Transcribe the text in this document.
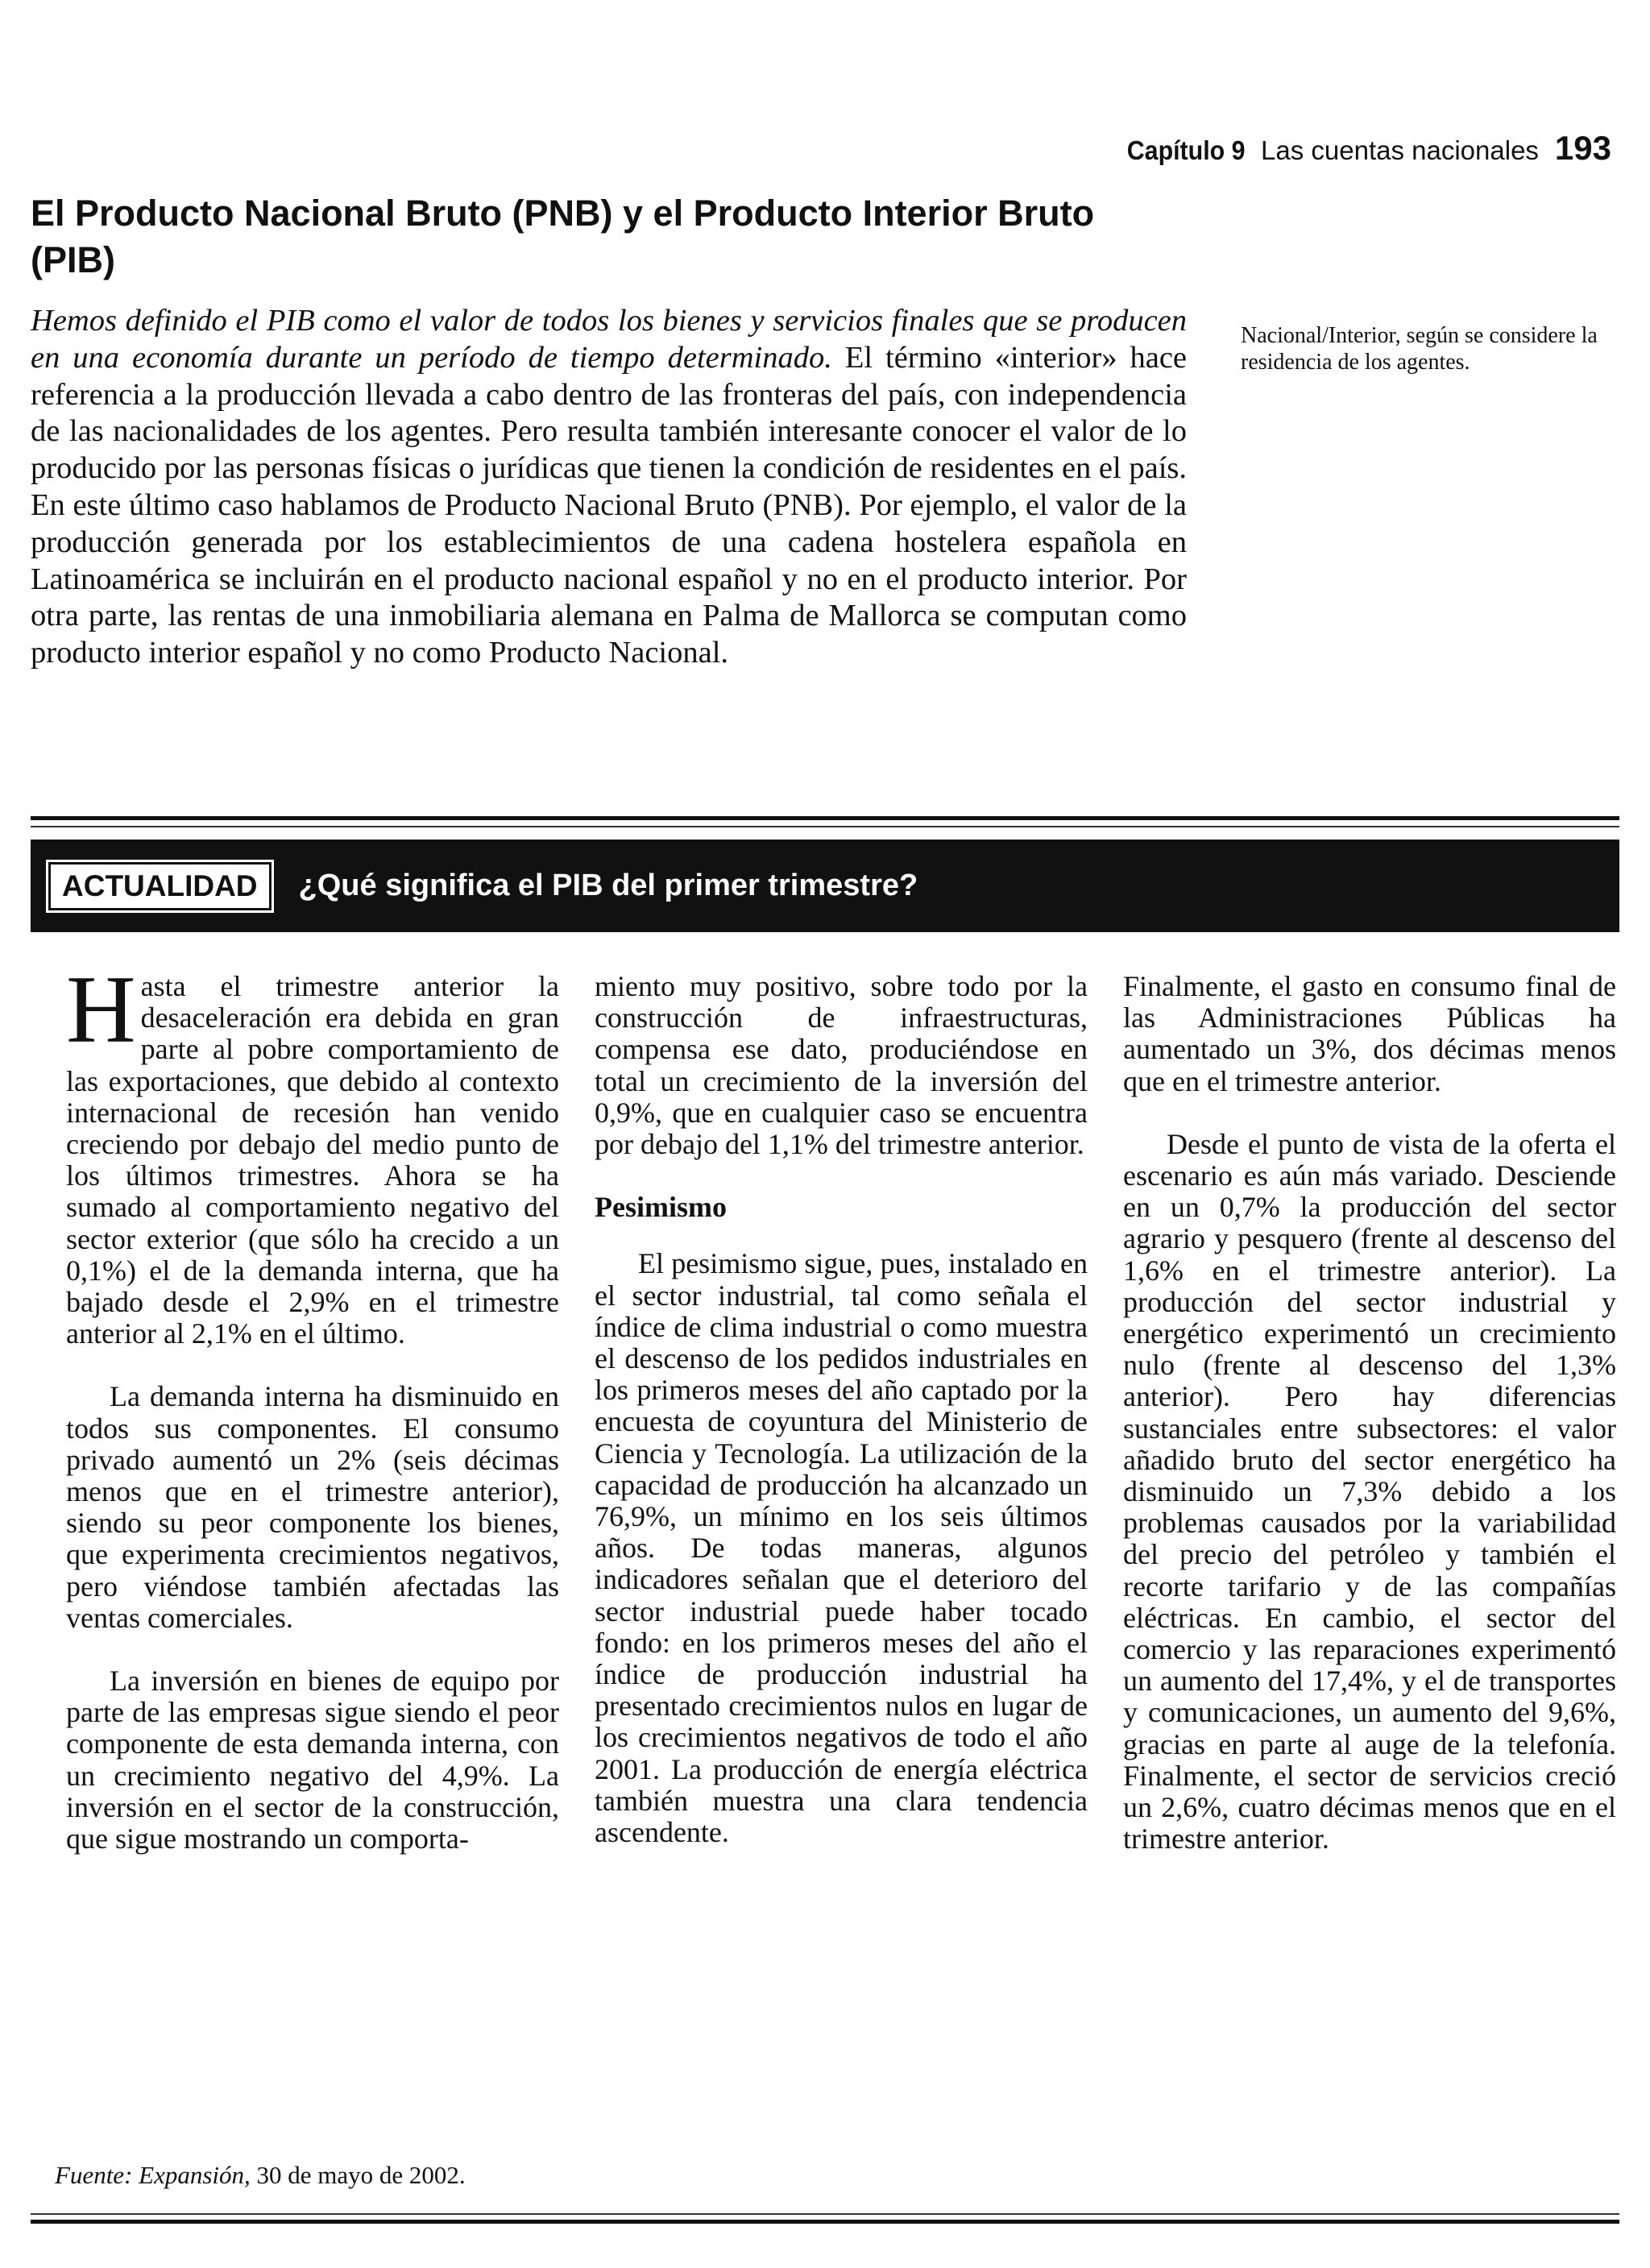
Capítulo 9 Las cuentas nacionales 193
El Producto Nacional Bruto (PNB) y el Producto Interior Bruto (PIB)

Hemos definido el PIB como el valor de todos los bienes y servicios finales que se producen en una economía durante un período de tiempo determinado. El término «interior» hace referencia a la producción llevada a cabo dentro de las fronteras del país, con independencia de las nacionalidades de los agentes. Pero resulta también interesante conocer el valor de lo producido por las personas físicas o jurídicas que tienen la condición de residentes en el país. En este último caso hablamos de Producto Nacional Bruto (PNB). Por ejemplo, el valor de la producción generada por los establecimientos de una cadena hostelera española en Latinoamérica se incluirán en el producto nacional español y no en el producto interior. Por otra parte, las rentas de una inmobiliaria alemana en Palma de Mallorca se computan como producto interior español y no como Producto Nacional.

Nacional/Interior, según se considere la residencia de los agentes.
ACTUALIDAD	¿Qué significa el PIB del primer trimestre?

Hasta el trimestre anterior la desaceleración era debida en gran parte al pobre comportamiento de las exportaciones, que debido al contexto internacional de recesión han venido creciendo por debajo del medio punto de los últimos trimestres. Ahora se ha sumado al comportamiento negativo del sector exterior (que sólo ha crecido a un 0,1%) el de la demanda interna, que ha bajado desde el 2,9% en el trimestre anterior al 2,1% en el último.

La demanda interna ha disminuido en todos sus componentes. El consumo privado aumentó un 2% (seis décimas menos que en el trimestre anterior), siendo su peor componente los bienes, que experimenta crecimientos negativos, pero viéndose también afectadas las ventas comerciales.

La inversión en bienes de equipo por parte de las empresas sigue siendo el peor componente de esta demanda interna, con un crecimiento negativo del 4,9%. La inversión en el sector de la construcción, que sigue mostrando un comporta-

miento muy positivo, sobre todo por la construcción de infraestructuras, compensa ese dato, produciéndose en total un crecimiento de la inversión del 0,9%, que en cualquier caso se encuentra por debajo del 1,1% del trimestre anterior.

Pesimismo

El pesimismo sigue, pues, instalado en el sector industrial, tal como señala el índice de clima industrial o como muestra el descenso de los pedidos industriales en los primeros meses del año captado por la encuesta de coyuntura del Ministerio de Ciencia y Tecnología. La utilización de la capacidad de producción ha alcanzado un 76,9%, un mínimo en los seis últimos años. De todas maneras, algunos indicadores señalan que el deterioro del sector industrial puede haber tocado fondo: en los primeros meses del año el índice de producción industrial ha presentado crecimientos nulos en lugar de los crecimientos negativos de todo el año 2001. La producción de energía eléctrica también muestra una clara tendencia ascendente.

Finalmente, el gasto en consumo final de las Administraciones Públicas ha aumentado un 3%, dos décimas menos que en el trimestre anterior.

Desde el punto de vista de la oferta el escenario es aún más variado. Desciende en un 0,7% la producción del sector agrario y pesquero (frente al descenso del 1,6% en el trimestre anterior). La producción del sector industrial y energético experimentó un crecimiento nulo (frente al descenso del 1,3% anterior). Pero hay diferencias sustanciales entre subsectores: el valor añadido bruto del sector energético ha disminuido un 7,3% debido a los problemas causados por la variabilidad del precio del petróleo y también el recorte tarifario y de las compañías eléctricas. En cambio, el sector del comercio y las reparaciones experimentó un aumento del 17,4%, y el de transportes y comunicaciones, un aumento del 9,6%, gracias en parte al auge de la telefonía. Finalmente, el sector de servicios creció un 2,6%, cuatro décimas menos que en el trimestre anterior.

Fuente: Expansión, 30 de mayo de 2002.
